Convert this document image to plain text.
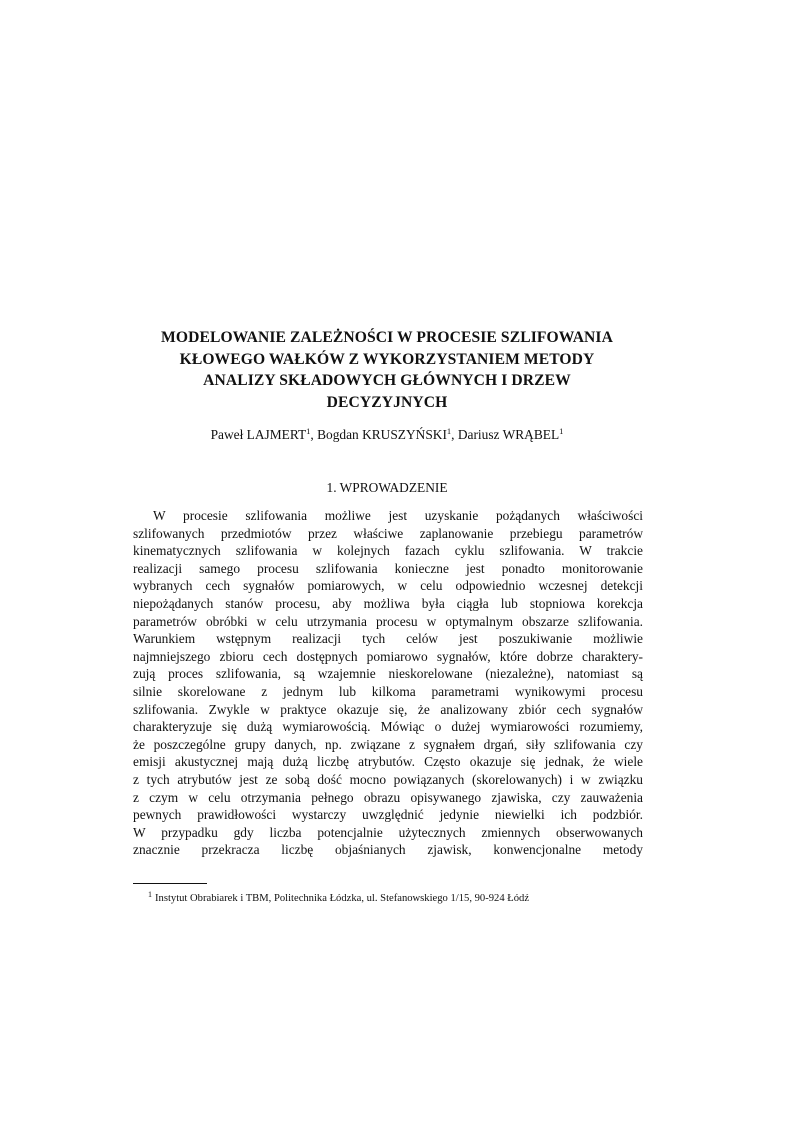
MODELOWANIE ZALEŻNOŚCI W PROCESIE SZLIFOWANIA
KŁOWEGO WAŁKÓW Z WYKORZYSTANIEM METODY
ANALIZY SKŁADOWYCH GŁÓWNYCH I DRZEW
DECYZYJNYCH

Paweł LAJMERT$^1$, Bogdan KRUSZYŃSKI$^1$, Dariusz WRĄBEL$^1$

1. WPROWADZENIE
W procesie szlifowania możliwe jest uzyskanie pożądanych właściwości
szlifowanych przedmiotów przez właściwe zaplanowanie przebiegu parametrów
kinematycznych szlifowania w kolejnych fazach cyklu szlifowania. W trakcie
realizacji samego procesu szlifowania konieczne jest ponadto monitorowanie
wybranych cech sygnałów pomiarowych, w celu odpowiednio wczesnej detekcji
niepożądanych stanów procesu, aby możliwa była ciągła lub stopniowa korekcja
parametrów obróbki w celu utrzymania procesu w optymalnym obszarze szlifowania.
Warunkiem wstępnym realizacji tych celów jest poszukiwanie możliwie
najmniejszego zbioru cech dostępnych pomiarowo sygnałów, które dobrze charaktery-
zują proces szlifowania, są wzajemnie nieskorelowane (niezależne), natomiast są
silnie skorelowane z jednym lub kilkoma parametrami wynikowymi procesu
szlifowania. Zwykle w praktyce okazuje się, że analizowany zbiór cech sygnałów
charakteryzuje się dużą wymiarowością. Mówiąc o dużej wymiarowości rozumiemy,
że poszczególne grupy danych, np. związane z sygnałem drgań, siły szlifowania czy
emisji akustycznej mają dużą liczbę atrybutów. Często okazuje się jednak, że wiele
z tych atrybutów jest ze sobą dość mocno powiązanych (skorelowanych) i w związku
z czym w celu otrzymania pełnego obrazu opisywanego zjawiska, czy zauważenia
pewnych prawidłowości wystarczy uwzględnić jedynie niewielki ich podzbiór.
W przypadku gdy liczba potencjalnie użytecznych zmiennych obserwowanych
znacznie przekracza liczbę objaśnianych zjawisk, konwencjonalne metody

$^1$ Instytut Obrabiarek i TBM, Politechnika Łódzka, ul. Stefanowskiego 1/15, 90-924 Łódź
